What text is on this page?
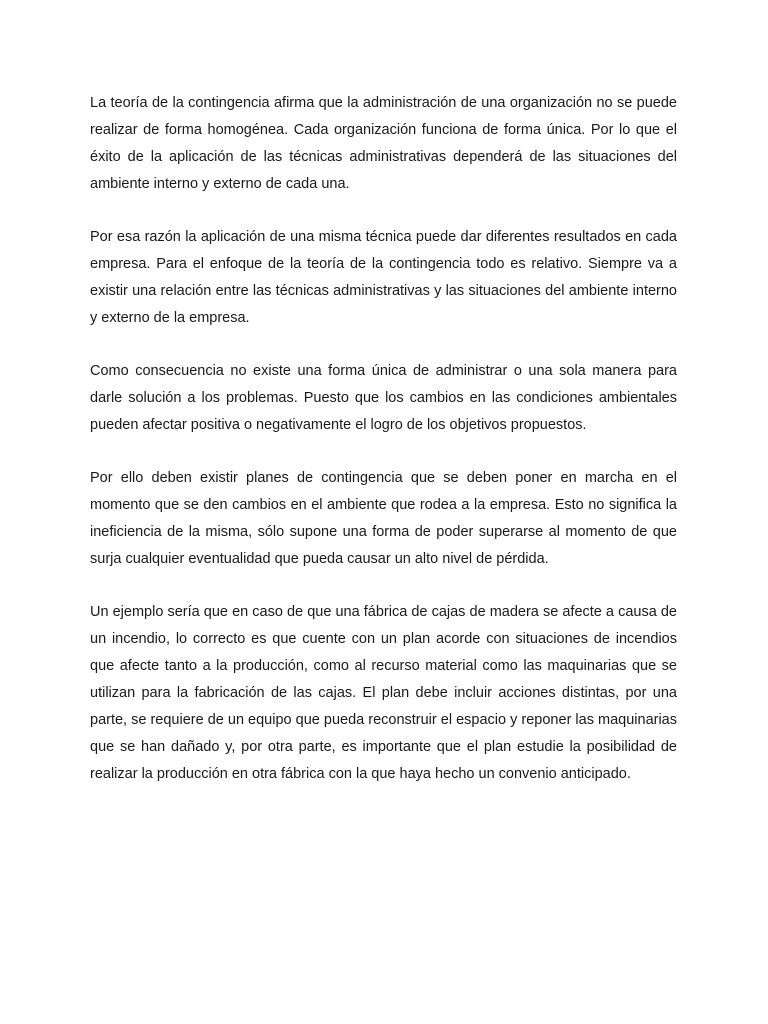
La teoría de la contingencia afirma que la administración de una organización no se puede realizar de forma homogénea. Cada organización funciona de forma única. Por lo que el éxito de la aplicación de las técnicas administrativas dependerá de las situaciones del ambiente interno y externo de cada una.

Por esa razón la aplicación de una misma técnica puede dar diferentes resultados en cada empresa. Para el enfoque de la teoría de la contingencia todo es relativo. Siempre va a existir una relación entre las técnicas administrativas y las situaciones del ambiente interno y externo de la empresa.

Como consecuencia no existe una forma única de administrar o una sola manera para darle solución a los problemas. Puesto que los cambios en las condiciones ambientales pueden afectar positiva o negativamente el logro de los objetivos propuestos.

Por ello deben existir planes de contingencia que se deben poner en marcha en el momento que se den cambios en el ambiente que rodea a la empresa. Esto no significa la ineficiencia de la misma, sólo supone una forma de poder superarse al momento de que surja cualquier eventualidad que pueda causar un alto nivel de pérdida.

Un ejemplo sería que en caso de que una fábrica de cajas de madera se afecte a causa de un incendio, lo correcto es que cuente con un plan acorde con situaciones de incendios que afecte tanto a la producción, como al recurso material como las maquinarias que se utilizan para la fabricación de las cajas. El plan debe incluir acciones distintas, por una parte, se requiere de un equipo que pueda reconstruir el espacio y reponer las maquinarias que se han dañado y, por otra parte, es importante que el plan estudie la posibilidad de realizar la producción en otra fábrica con la que haya hecho un convenio anticipado.
